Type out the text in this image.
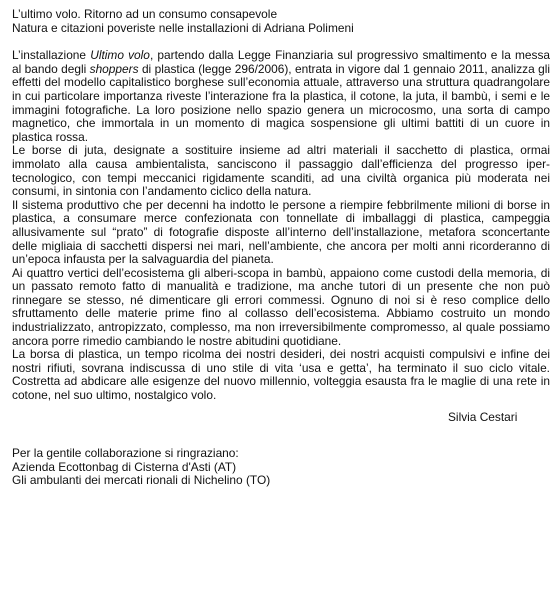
L’ultimo volo. Ritorno ad un consumo consapevole

Natura e citazioni poveriste nelle installazioni di Adriana Polimeni

L’installazione Ultimo volo, partendo dalla Legge Finanziaria sul progressivo smaltimento e la messa al bando degli shoppers di plastica (legge 296/2006), entrata in vigore dal 1 gennaio 2011, analizza gli effetti del modello capitalistico borghese sull’economia attuale, attraverso una struttura quadrangolare in cui particolare importanza riveste l’interazione fra la plastica, il cotone, la juta, il bambù, i semi e le immagini fotografiche. La loro posizione nello spazio genera un microcosmo, una sorta di campo magnetico, che immortala in un momento di magica sospensione gli ultimi battiti di un cuore in plastica rossa.

Le borse di juta, designate a sostituire insieme ad altri materiali il sacchetto di plastica, ormai immolato alla causa ambientalista, sanciscono il passaggio dall’efficienza del progresso iper-tecnologico, con tempi meccanici rigidamente scanditi, ad una civiltà organica più moderata nei consumi, in sintonia con l’andamento ciclico della natura.

Il sistema produttivo che per decenni ha indotto le persone a riempire febbrilmente milioni di borse in plastica, a consumare merce confezionata con tonnellate di imballaggi di plastica, campeggia allusivamente sul “prato” di fotografie disposte all’interno dell’installazione, metafora sconcertante delle migliaia di sacchetti dispersi nei mari, nell’ambiente, che ancora per molti anni ricorderanno di un’epoca infausta per la salvaguardia del pianeta.

Ai quattro vertici dell’ecosistema gli alberi-scopa in bambù, appaiono come custodi della memoria, di un passato remoto fatto di manualità e tradizione, ma anche tutori di un presente che non può rinnegare se stesso, né dimenticare gli errori commessi. Ognuno di noi si è reso complice dello sfruttamento delle materie prime fino al collasso dell’ecosistema. Abbiamo costruito un mondo industrializzato, antropizzato, complesso, ma non irreversibilmente compromesso, al quale possiamo ancora porre rimedio cambiando le nostre abitudini quotidiane.

La borsa di plastica, un tempo ricolma dei nostri desideri, dei nostri acquisti compulsivi e infine dei nostri rifiuti, sovrana indiscussa di uno stile di vita ‘usa e getta’, ha terminato il suo ciclo vitale. Costretta ad abdicare alle esigenze del nuovo millennio, volteggia esausta fra le maglie di una rete in cotone, nel suo ultimo, nostalgico volo.

Silvia Cestari

Per la gentile collaborazione si ringraziano:

Azienda Ecottonbag di Cisterna d'Asti (AT)

Gli ambulanti dei mercati rionali di Nichelino (TO)
